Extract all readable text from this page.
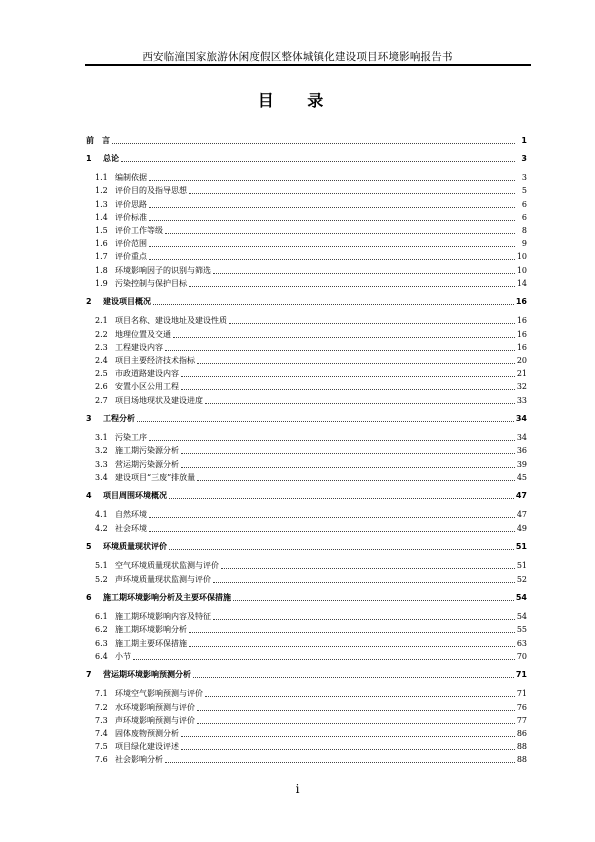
西安临潼国家旅游休闲度假区整体城镇化建设项目环境影响报告书
目 录
前　言	1
1	总论	3
1.1 编制依据	3
1.2 评价目的及指导思想	5
1.3 评价思路	6
1.4 评价标准	6
1.5 评价工作等级	8
1.6 评价范围	9
1.7 评价重点	10
1.8 环境影响因子的识别与筛选	10
1.9 污染控制与保护目标	14
2	建设项目概况	16
2.1 项目名称、建设地址及建设性质	16
2.2 地理位置及交通	16
2.3 工程建设内容	16
2.4 项目主要经济技术指标	20
2.5 市政道路建设内容	21
2.6 安置小区公用工程	32
2.7 项目场地现状及建设进度	33
3	工程分析	34
3.1 污染工序	34
3.2 施工期污染源分析	36
3.3 营运期污染源分析	39
3.4 建设项目“三废”排放量	45
4	项目周围环境概况	47
4.1 自然环境	47
4.2 社会环境	49
5	环境质量现状评价	51
5.1 空气环境质量现状监测与评价	51
5.2 声环境质量现状监测与评价	52
6	施工期环境影响分析及主要环保措施	54
6.1 施工期环境影响内容及特征	54
6.2 施工期环境影响分析	55
6.3 施工期主要环保措施	63
6.4 小节	70
7	营运期环境影响预测分析	71
7.1 环境空气影响预测与评价	71
7.2 水环境影响预测与评价	76
7.3 声环境影响预测与评价	77
7.4 固体废物预测分析	86
7.5 项目绿化建设评述	88
7.6 社会影响分析	88
i
